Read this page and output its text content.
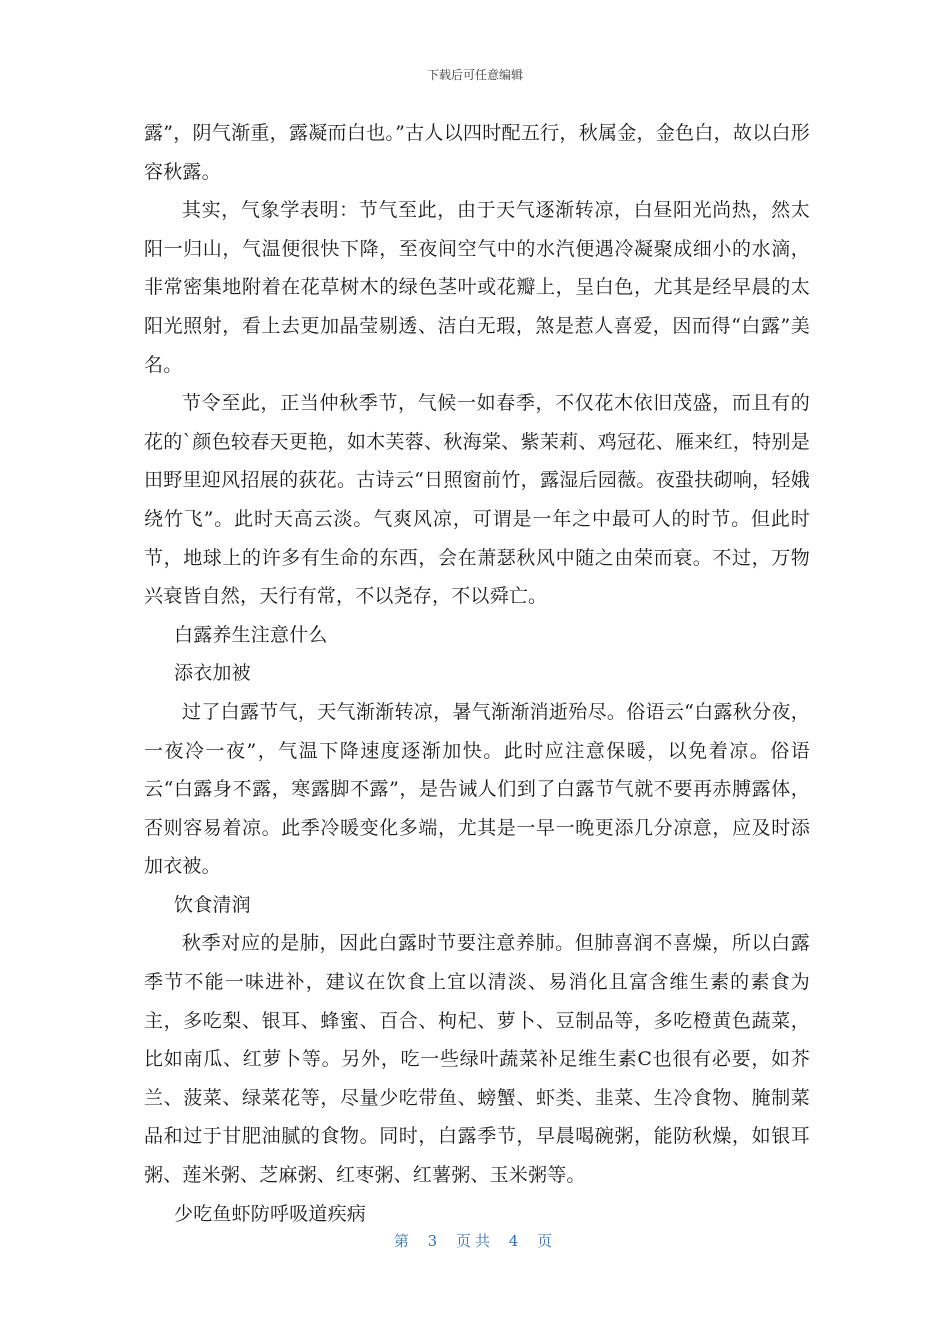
下载后可任意编辑

露”，阴气渐重，露凝而白也。”古人以四时配五行，秋属金，金色白，故以白形容秋露。

其实，气象学表明：节气至此，由于天气逐渐转凉，白昼阳光尚热，然太阳一归山，气温便很快下降，至夜间空气中的水汽便遇冷凝聚成细小的水滴，非常密集地附着在花草树木的绿色茎叶或花瓣上，呈白色，尤其是经早晨的太阳光照射，看上去更加晶莹剔透、洁白无瑕，煞是惹人喜爱，因而得“白露”美名。

节令至此，正当仲秋季节，气候一如春季，不仅花木依旧茂盛，而且有的花的`颜色较春天更艳，如木芙蓉、秋海棠、紫茉莉、鸡冠花、雁来红，特别是田野里迎风招展的荻花。古诗云“日照窗前竹，露湿后园薇。夜蛩扶砌响，轻娥绕竹飞”。此时天高云淡。气爽风凉，可谓是一年之中最可人的时节。但此时节，地球上的许多有生命的东西，会在萧瑟秋风中随之由荣而衰。不过，万物兴衰皆自然，天行有常，不以尧存，不以舜亡。

白露养生注意什么

添衣加被

过了白露节气，天气渐渐转凉，暑气渐渐消逝殆尽。俗语云“白露秋分夜，一夜冷一夜”，气温下降速度逐渐加快。此时应注意保暖，以免着凉。俗语云“白露身不露，寒露脚不露”，是告诫人们到了白露节气就不要再赤膊露体，否则容易着凉。此季冷暖变化多端，尤其是一早一晚更添几分凉意，应及时添加衣被。

饮食清润

秋季对应的是肺，因此白露时节要注意养肺。但肺喜润不喜燥，所以白露季节不能一味进补，建议在饮食上宜以清淡、易消化且富含维生素的素食为主，多吃梨、银耳、蜂蜜、百合、枸杞、萝卜、豆制品等，多吃橙黄色蔬菜，比如南瓜、红萝卜等。另外，吃一些绿叶蔬菜补足维生素C也很有必要，如芥兰、菠菜、绿菜花等，尽量少吃带鱼、螃蟹、虾类、韭菜、生冷食物、腌制菜品和过于甘肥油腻的食物。同时，白露季节，早晨喝碗粥，能防秋燥，如银耳粥、莲米粥、芝麻粥、红枣粥、红薯粥、玉米粥等。

少吃鱼虾防呼吸道疾病

第 3 页共 4 页
